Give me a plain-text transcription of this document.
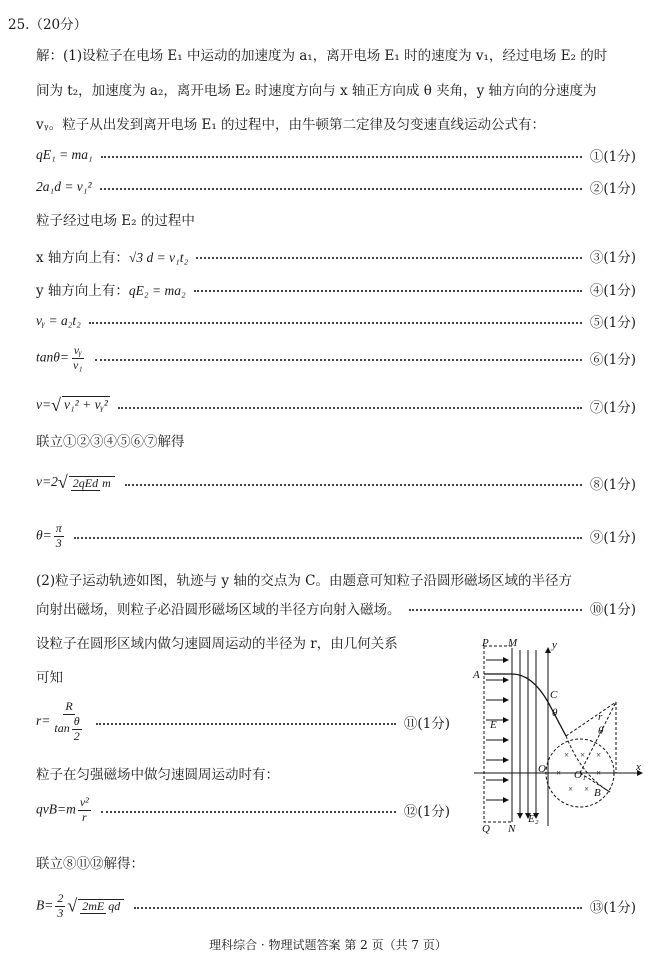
25.（20分）
解：(1)设粒子在电场 E₁ 中运动的加速度为 a₁，离开电场 E₁ 时的速度为 v₁，经过电场 E₂ 的时
间为 t₂，加速度为 a₂，离开电场 E₂ 时速度方向与 x 轴正方向成 θ 夹角，y 轴方向的分速度为
vᵧ。粒子从出发到离开电场 E₁ 的过程中，由牛顿第二定律及匀变速直线运动公式有：
qE₁ = ma₁	①(1分)
2a₁d = v₁²	②(1分)
粒子经过电场 E₂ 的过程中
x 轴方向上有：√3 d = v₁t₂	③(1分)
y 轴方向上有：qE₂ = ma₂	④(1分)
vᵧ = a₂t₂	⑤(1分)
$\tan\theta= \frac{\text{vᵧ}}{\text{v₁}}$	⑥(1分)
v=√ v₁² + vᵧ²	⑦(1分)
联立①②③④⑤⑥⑦解得
v=2√ 2qEd m	⑧(1分)
$\theta= \frac{\pi}{3}$	⑨(1分)
(2)粒子运动轨迹如图，轨迹与 y 轴的交点为 C。由题意可知粒子沿圆形磁场区域的半径方
向射出磁场，则粒子必沿圆形磁场区域的半径方向射入磁场。	⑩(1分)
设粒子在圆形区域内做匀速圆周运动的半径为 r，由几何关系
可知
$r= \frac{R}{\tan \frac{\theta}{2}}$	⑪(1分)
粒子在匀强磁场中做匀速圆周运动时有：
$qvB=m \frac{\text{v²}}{r}$	⑫(1分)
联立⑧⑪⑫解得：
$B= \frac{2}{3}$ √ 2mE qd	⑬(1分)
× × ×
×	×
× ×
P M	y
A
C
θ	r
θ
E
O	O₁
x
B
Q N
E₂
理科综合 · 物理试题答案 第 2 页（共 7 页）
